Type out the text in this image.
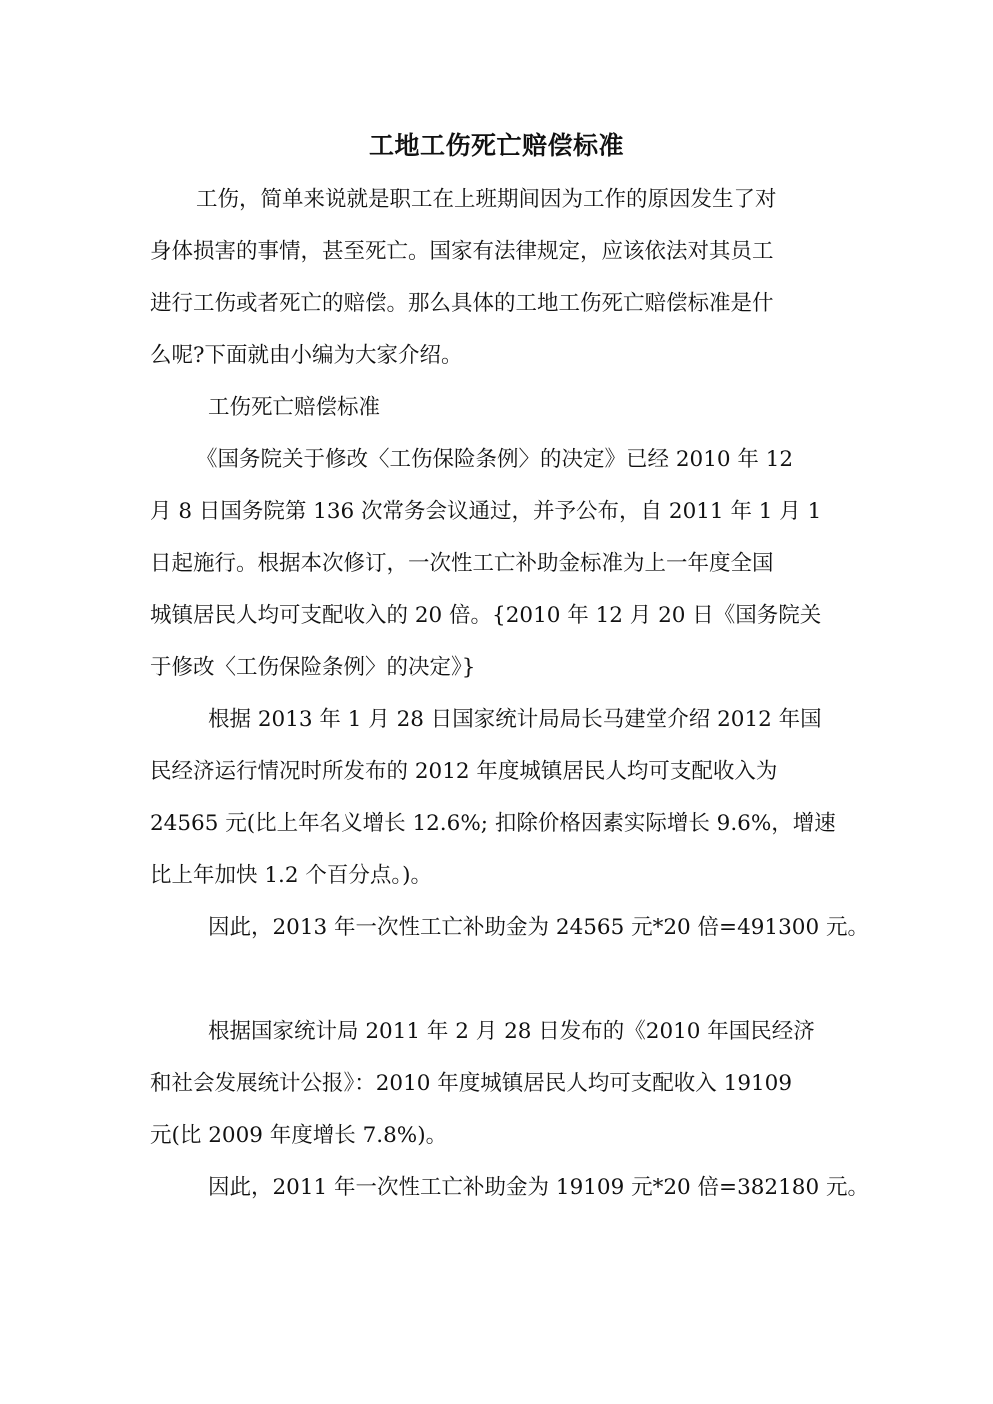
工地工伤死亡赔偿标准
工伤，简单来说就是职工在上班期间因为工作的原因发生了对
身体损害的事情，甚至死亡。国家有法律规定，应该依法对其员工
进行工伤或者死亡的赔偿。那么具体的工地工伤死亡赔偿标准是什
么呢?下面就由小编为大家介绍。
工伤死亡赔偿标准
《国务院关于修改〈工伤保险条例〉的决定》已经 2010 年 12
月 8 日国务院第 136 次常务会议通过，并予公布，自 2011 年 1 月 1
日起施行。根据本次修订，一次性工亡补助金标准为上一年度全国
城镇居民人均可支配收入的 20 倍。{2010 年 12 月 20 日《国务院关
于修改〈工伤保险条例〉的决定》}
根据 2013 年 1 月 28 日国家统计局局长马建堂介绍 2012 年国
民经济运行情况时所发布的 2012 年度城镇居民人均可支配收入为
24565 元(比上年名义增长 12.6%; 扣除价格因素实际增长 9.6%，增速
比上年加快 1.2 个百分点。)。
因此，2013 年一次性工亡补助金为 24565 元*20 倍=491300 元。
根据国家统计局 2011 年 2 月 28 日发布的《2010 年国民经济
和社会发展统计公报》：2010 年度城镇居民人均可支配收入 19109
元(比 2009 年度增长 7.8%)。
因此，2011 年一次性工亡补助金为 19109 元*20 倍=382180 元。
